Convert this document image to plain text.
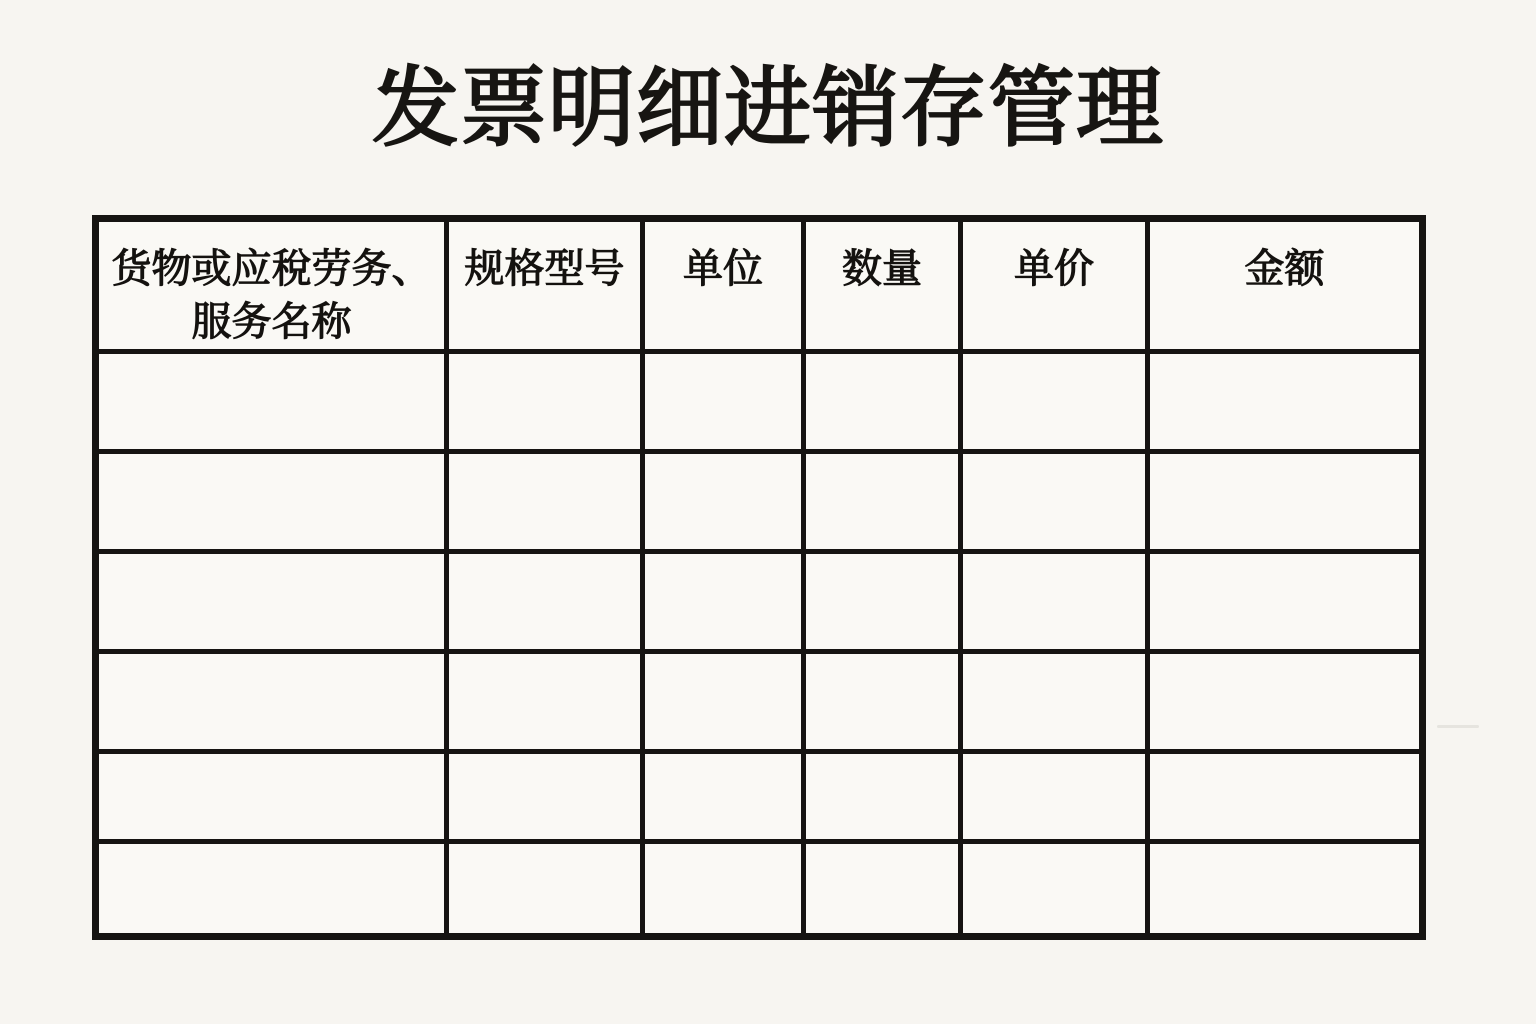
发票明细进销存管理
货物或应稅劳务、服务名称	规格型号	单位	数量	单价	金额
